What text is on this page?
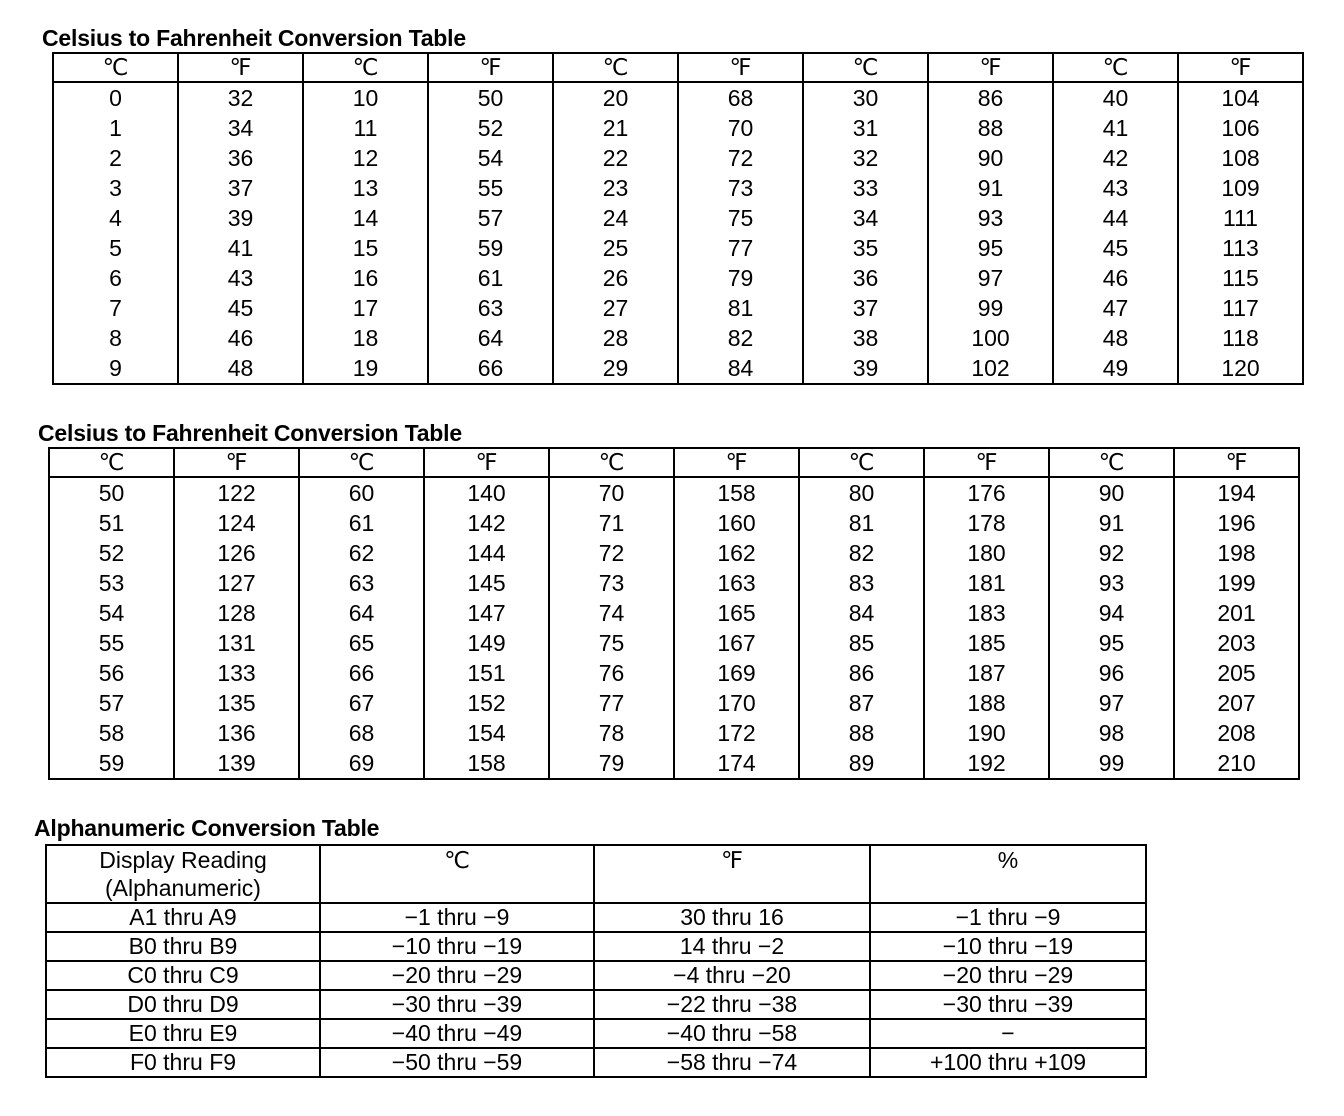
Celsius to Fahrenheit Conversion Table
℃	℉	℃	℉	℃	℉	℃	℉	℃	℉
0	32	10	50	20	68	30	86	40	104
1	34	11	52	21	70	31	88	41	106
2	36	12	54	22	72	32	90	42	108
3	37	13	55	23	73	33	91	43	109
4	39	14	57	24	75	34	93	44	111
5	41	15	59	25	77	35	95	45	113
6	43	16	61	26	79	36	97	46	115
7	45	17	63	27	81	37	99	47	117
8	46	18	64	28	82	38	100	48	118
9	48	19	66	29	84	39	102	49	120
Celsius to Fahrenheit Conversion Table
℃	℉	℃	℉	℃	℉	℃	℉	℃	℉
50	122	60	140	70	158	80	176	90	194
51	124	61	142	71	160	81	178	91	196
52	126	62	144	72	162	82	180	92	198
53	127	63	145	73	163	83	181	93	199
54	128	64	147	74	165	84	183	94	201
55	131	65	149	75	167	85	185	95	203
56	133	66	151	76	169	86	187	96	205
57	135	67	152	77	170	87	188	97	207
58	136	68	154	78	172	88	190	98	208
59	139	69	158	79	174	89	192	99	210
Alphanumeric Conversion Table
Display Reading
(Alphanumeric)	℃	℉	%
A1 thru A9	−1 thru −9	30 thru 16	−1 thru −9
B0 thru B9	−10 thru −19	14 thru −2	−10 thru −19
C0 thru C9	−20 thru −29	−4 thru −20	−20 thru −29
D0 thru D9	−30 thru −39	−22 thru −38	−30 thru −39
E0 thru E9	−40 thru −49	−40 thru −58	−
F0 thru F9	−50 thru −59	−58 thru −74	+100 thru +109
